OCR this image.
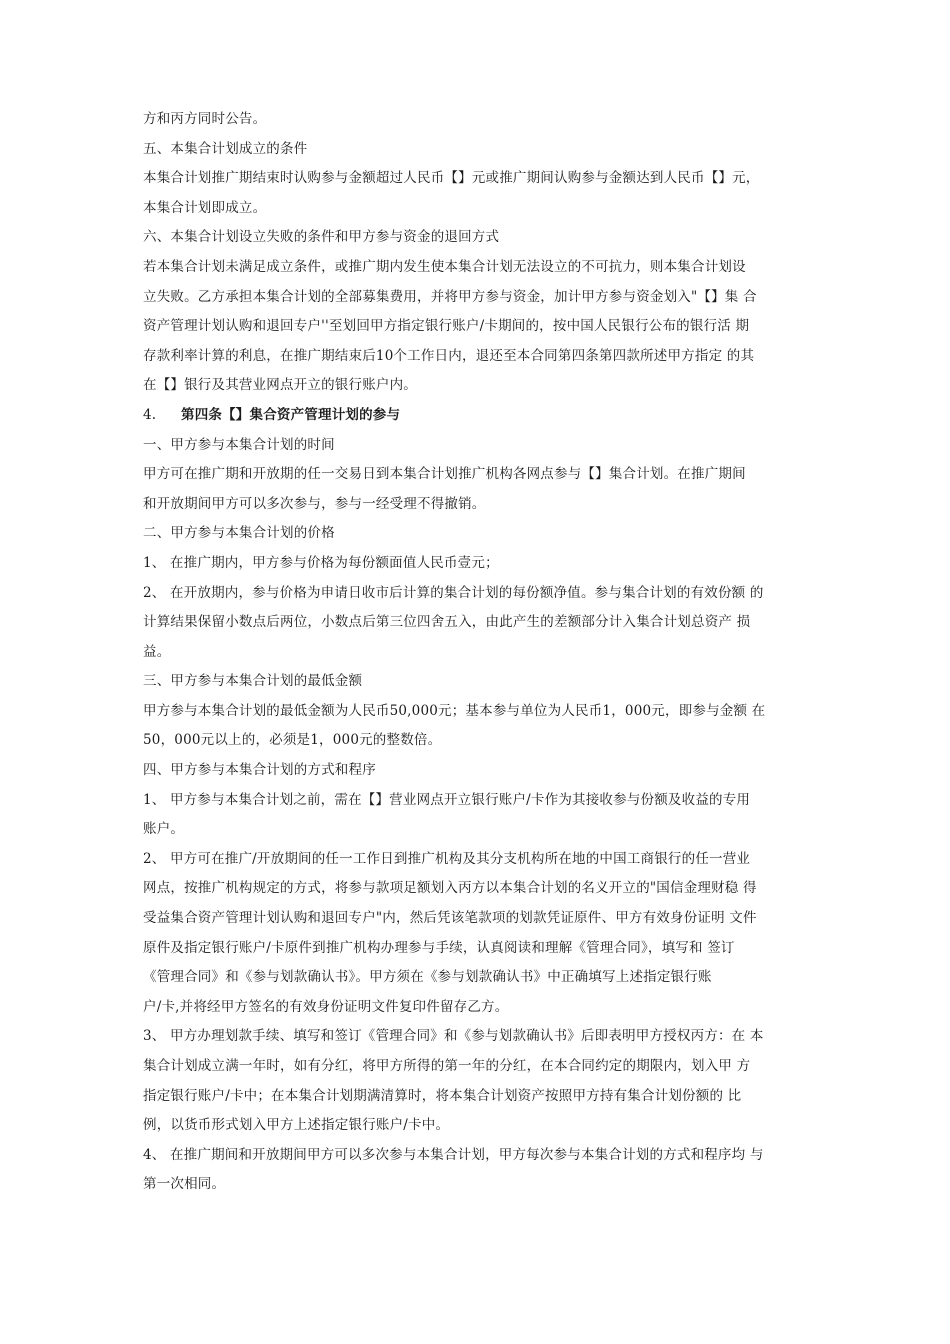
方和丙方同时公告。
五、本集合计划成立的条件
本集合计划推广期结束时认购参与金额超过人民币【】元或推广期间认购参与金额达到人民币【】元，
本集合计划即成立。
六、本集合计划设立失败的条件和甲方参与资金的退回方式
若本集合计划未满足成立条件，或推广期内发生使本集合计划无法设立的不可抗力，则本集合计划设
立失败。乙方承担本集合计划的全部募集费用，并将甲方参与资金，加计甲方参与资金划入"【】集 合
资产管理计划认购和退回专户''至划回甲方指定银行账户/卡期间的，按中国人民银行公布的银行活 期
存款利率计算的利息，在推广期结束后10个工作日内，退还至本合同第四条第四款所述甲方指定 的其
在【】银行及其营业网点开立的银行账户内。
4. 第四条【】集合资产管理计划的参与
一、甲方参与本集合计划的时间
甲方可在推广期和开放期的任一交易日到本集合计划推广机构各网点参与【】集合计划。在推广期间
和开放期间甲方可以多次参与，参与一经受理不得撤销。
二、甲方参与本集合计划的价格
1、 在推广期内，甲方参与价格为每份额面值人民币壹元；
2、 在开放期内，参与价格为申请日收市后计算的集合计划的每份额净值。参与集合计划的有效份额 的
计算结果保留小数点后两位，小数点后第三位四舍五入，由此产生的差额部分计入集合计划总资产 损
益。
三、甲方参与本集合计划的最低金额
甲方参与本集合计划的最低金额为人民币50,000元；基本参与单位为人民币1，000元，即参与金额 在
50，000元以上的，必须是1，000元的整数倍。
四、甲方参与本集合计划的方式和程序
1、 甲方参与本集合计划之前，需在【】营业网点开立银行账户/卡作为其接收参与份额及收益的专用
账户。
2、 甲方可在推广/开放期间的任一工作日到推广机构及其分支机构所在地的中国工商银行的任一营业
网点，按推广机构规定的方式，将参与款项足额划入丙方以本集合计划的名义开立的"国信金理财稳 得
受益集合资产管理计划认购和退回专户"内，然后凭该笔款项的划款凭证原件、甲方有效身份证明 文件
原件及指定银行账户/卡原件到推广机构办理参与手续，认真阅读和理解《管理合同》，填写和 签订
《管理合同》和《参与划款确认书》。甲方须在《参与划款确认书》中正确填写上述指定银行账
户/卡,并将经甲方签名的有效身份证明文件复印件留存乙方。
3、 甲方办理划款手续、填写和签订《管理合同》和《参与划款确认书》后即表明甲方授权丙方：在 本
集合计划成立满一年时，如有分红，将甲方所得的第一年的分红，在本合同约定的期限内，划入甲 方
指定银行账户/卡中；在本集合计划期满清算时，将本集合计划资产按照甲方持有集合计划份额的 比
例，以货币形式划入甲方上述指定银行账户/卡中。
4、 在推广期间和开放期间甲方可以多次参与本集合计划，甲方每次参与本集合计划的方式和程序均 与
第一次相同。
